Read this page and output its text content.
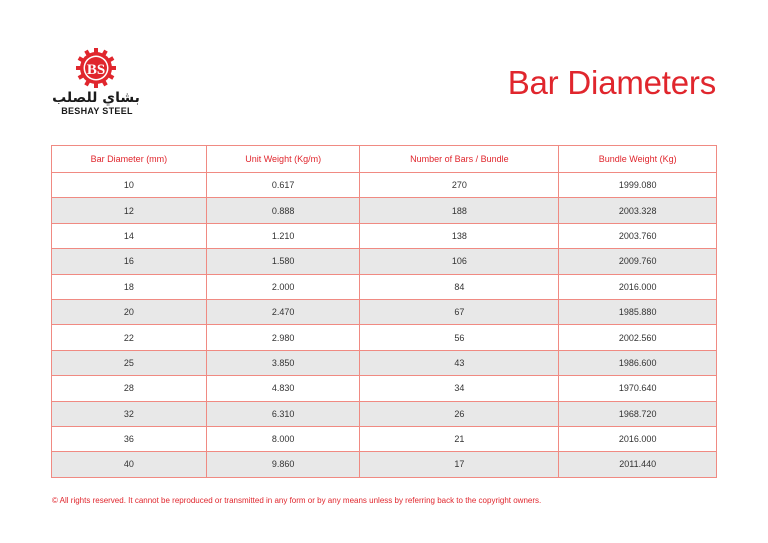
BS
بشاي للصلب
BESHAY STEEL
Bar Diameters
Bar Diameter (mm)	Unit Weight (Kg/m)	Number of Bars / Bundle	Bundle Weight (Kg)
10	0.617	270	1999.080
12	0.888	188	2003.328
14	1.210	138	2003.760
16	1.580	106	2009.760
18	2.000	84	2016.000
20	2.470	67	1985.880
22	2.980	56	2002.560
25	3.850	43	1986.600
28	4.830	34	1970.640
32	6.310	26	1968.720
36	8.000	21	2016.000
40	9.860	17	2011.440
© All rights reserved. It cannot be reproduced or transmitted in any form or by any means unless by referring back to the copyright owners.
